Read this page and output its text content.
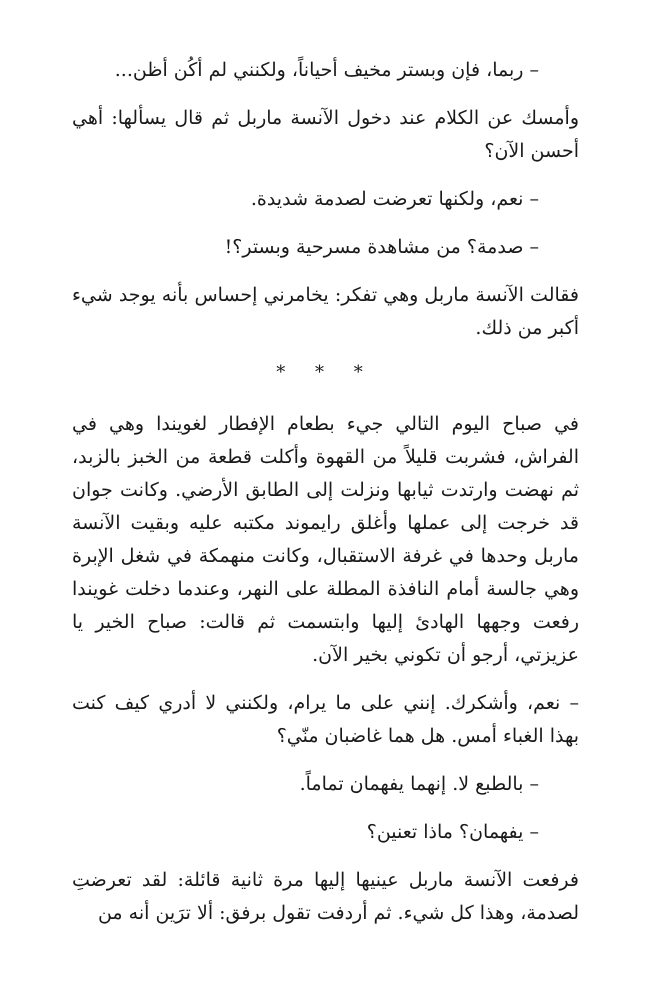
– ربما، فإن وبستر مخيف أحياناً، ولكنني لم أكُن أظن...

وأمسك عن الكلام عند دخول الآنسة ماربل ثم قال يسألها: أهي أحسن الآن؟

– نعم، ولكنها تعرضت لصدمة شديدة.

– صدمة؟ من مشاهدة مسرحية وبستر؟!

فقالت الآنسة ماربل وهي تفكر: يخامرني إحساس بأنه يوجد شيء أكبر من ذلك.

* * *

في صباح اليوم التالي جيء بطعام الإفطار لغويندا وهي في الفراش، فشربت قليلاً من القهوة وأكلت قطعة من الخبز بالزبد، ثم نهضت وارتدت ثيابها ونزلت إلى الطابق الأرضي. وكانت جوان قد خرجت إلى عملها وأغلق رايموند مكتبه عليه وبقيت الآنسة ماربل وحدها في غرفة الاستقبال، وكانت منهمكة في شغل الإبرة وهي جالسة أمام النافذة المطلة على النهر، وعندما دخلت غويندا رفعت وجهها الهادئ إليها وابتسمت ثم قالت: صباح الخير يا عزيزتي، أرجو أن تكوني بخير الآن.

– نعم، وأشكرك. إنني على ما يرام، ولكنني لا أدري كيف كنت بهذا الغباء أمس. هل هما غاضبان منّي؟

– بالطبع لا. إنهما يفهمان تماماً.

– يفهمان؟ ماذا تعنين؟

فرفعت الآنسة ماربل عينيها إليها مرة ثانية قائلة: لقد تعرضتِ لصدمة، وهذا كل شيء. ثم أردفت تقول برفق: ألا ترَين أنه من
